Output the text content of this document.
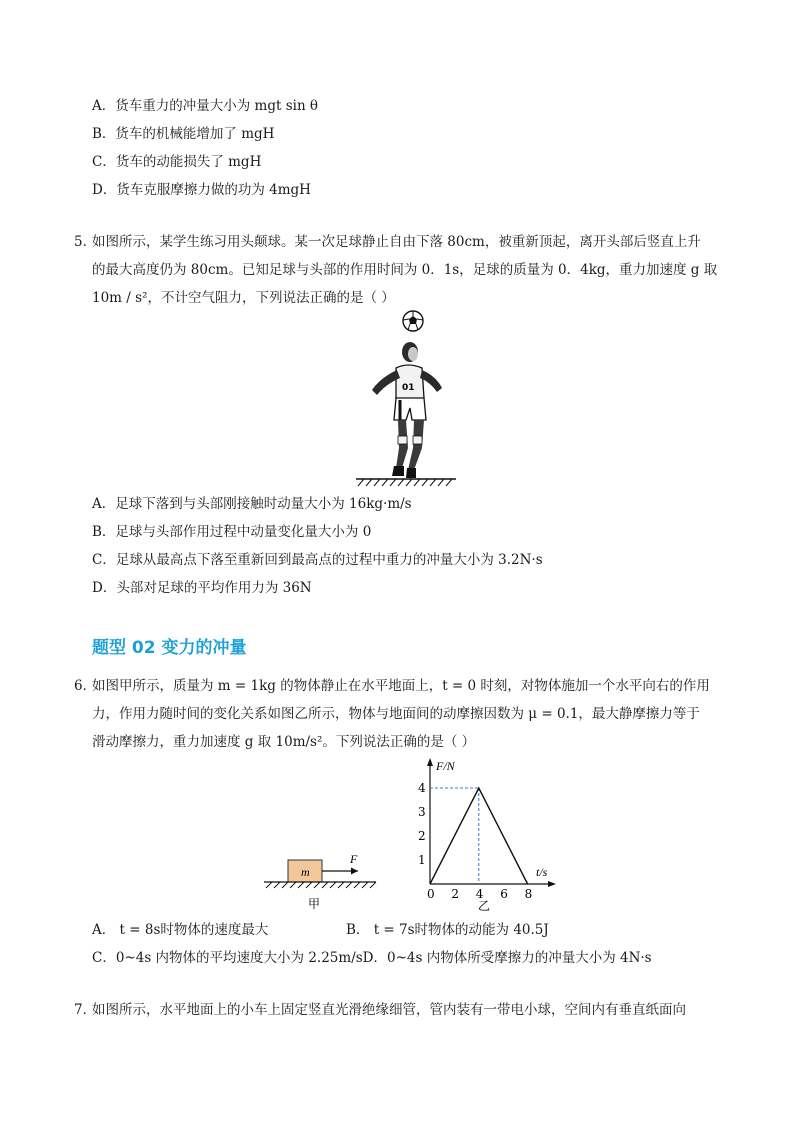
A．货车重力的冲量大小为 mgt sin θ
B．货车的机械能增加了 mgH
C．货车的动能损失了 mgH
D．货车克服摩擦力做的功为 4mgH
5．
如图所示，某学生练习用头颠球。某一次足球静止自由下落 80cm，被重新顶起，离开头部后竖直上升
的最大高度仍为 80cm。已知足球与头部的作用时间为 0．1s，足球的质量为 0．4kg，重力加速度 g 取
10m / s²，不计空气阻力，下列说法正确的是（ ）
01
A．足球下落到与头部刚接触时动量大小为 16kg·m/s
B．足球与头部作用过程中动量变化量大小为 0
C．足球从最高点下落至重新回到最高点的过程中重力的冲量大小为 3.2N·s
D．头部对足球的平均作用力为 36N
题型 02 变力的冲量
6．
如图甲所示，质量为 m = 1kg 的物体静止在水平地面上，t = 0 时刻，对物体施加一个水平向右的作用
力，作用力随时间的变化关系如图乙所示，物体与地面间的动摩擦因数为 μ = 0.1，最大静摩擦力等于
滑动摩擦力，重力加速度 g 取 10m/s²。下列说法正确的是（ ）
m
F
甲
F/N
t/s
乙
1
2
3
4
0 2 4 6 8
A． t = 8s时物体的速度最大	B． t = 7s时物体的动能为 40.5J
C．0~4s 内物体的平均速度大小为 2.25m/sD．0~4s 内物体所受摩擦力的冲量大小为 4N·s
7．
如图所示，水平地面上的小车上固定竖直光滑绝缘细管，管内装有一带电小球，空间内有垂直纸面向
